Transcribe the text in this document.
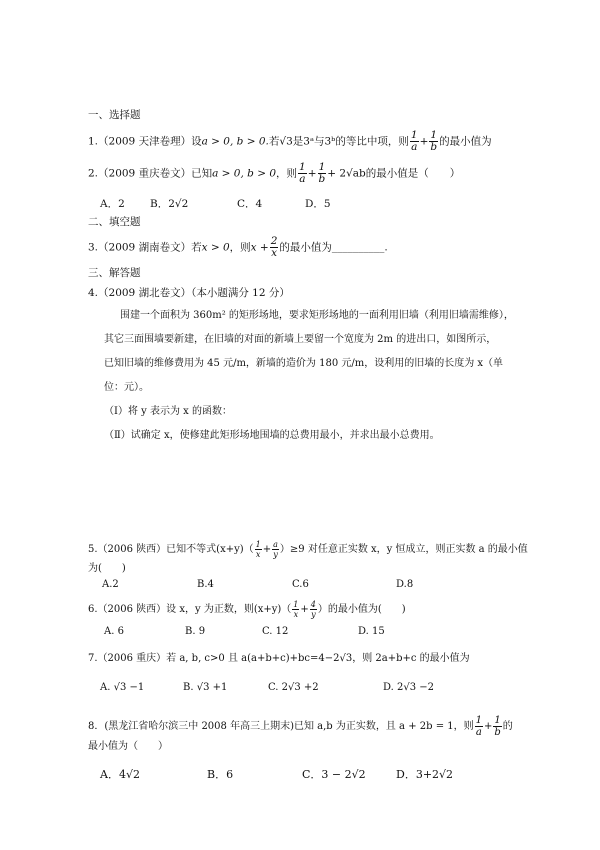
一、选择题
1.（2009 天津卷理）设a > 0, b > 0.若√3是3ᵃ与3ᵇ的等比中项，则 $\frac{1}{a} + \frac{1}{b}$ 的最小值为
2.（2009 重庆卷文）已知a > 0, b > 0，则 $\frac{1}{a} + \frac{1}{b} + 2√ab$的最小值是（　　）
A．2 B．2√2	C．4	D．5
二、填空题
3.（2009 湖南卷文）若x > 0，则$x + \frac{2}{x}$ 的最小值为__________.
三、解答题
4.（2009 湖北卷文）（本小题满分 12 分）
围建一个面积为 360m² 的矩形场地，要求矩形场地的一面利用旧墙（利用旧墙需维修），
其它三面围墙要新建，在旧墙的对面的新墙上要留一个宽度为 2m 的进出口，如图所示，
已知旧墙的维修费用为 45 元/m，新墙的造价为 180 元/m，设利用的旧墙的长度为 x（单
位：元）。
（Ⅰ）将 y 表示为 x 的函数：
（Ⅱ）试确定 x，使修建此矩形场地围墙的总费用最小，并求出最小总费用。
5.（2006 陕西）已知不等式$(x+y)( \frac{1}{x} + \frac{a}{y} )\ge 9$ 对任意正实数 x，y 恒成立，则正实数 a 的最小值
为(　　)
A.2	B.4	C.6	D.8
6.（2006 陕西）设 x，y 为正数，则$(x+y)( \frac{1}{x} + \frac{4}{y}$ ）的最小值为(　　)
A. 6	B. 9	C. 12	D. 15
7.（2006 重庆）若 a, b, c>0 且 a(a+b+c)+bc=4−2√3，则 2a+b+c 的最小值为
A. √3 −1	B. √3 +1	C. 2√3 +2	D. 2√3 −2
8．(黑龙江省哈尔滨三中 2008 年高三上期末)已知 a,b 为正实数，且 a + 2b = 1，则 $\frac{1}{a} + \frac{1}{b}$ 的
最小值为（　　）
A．4√2	B．6	C．3 − 2√2	D．3+2√2
